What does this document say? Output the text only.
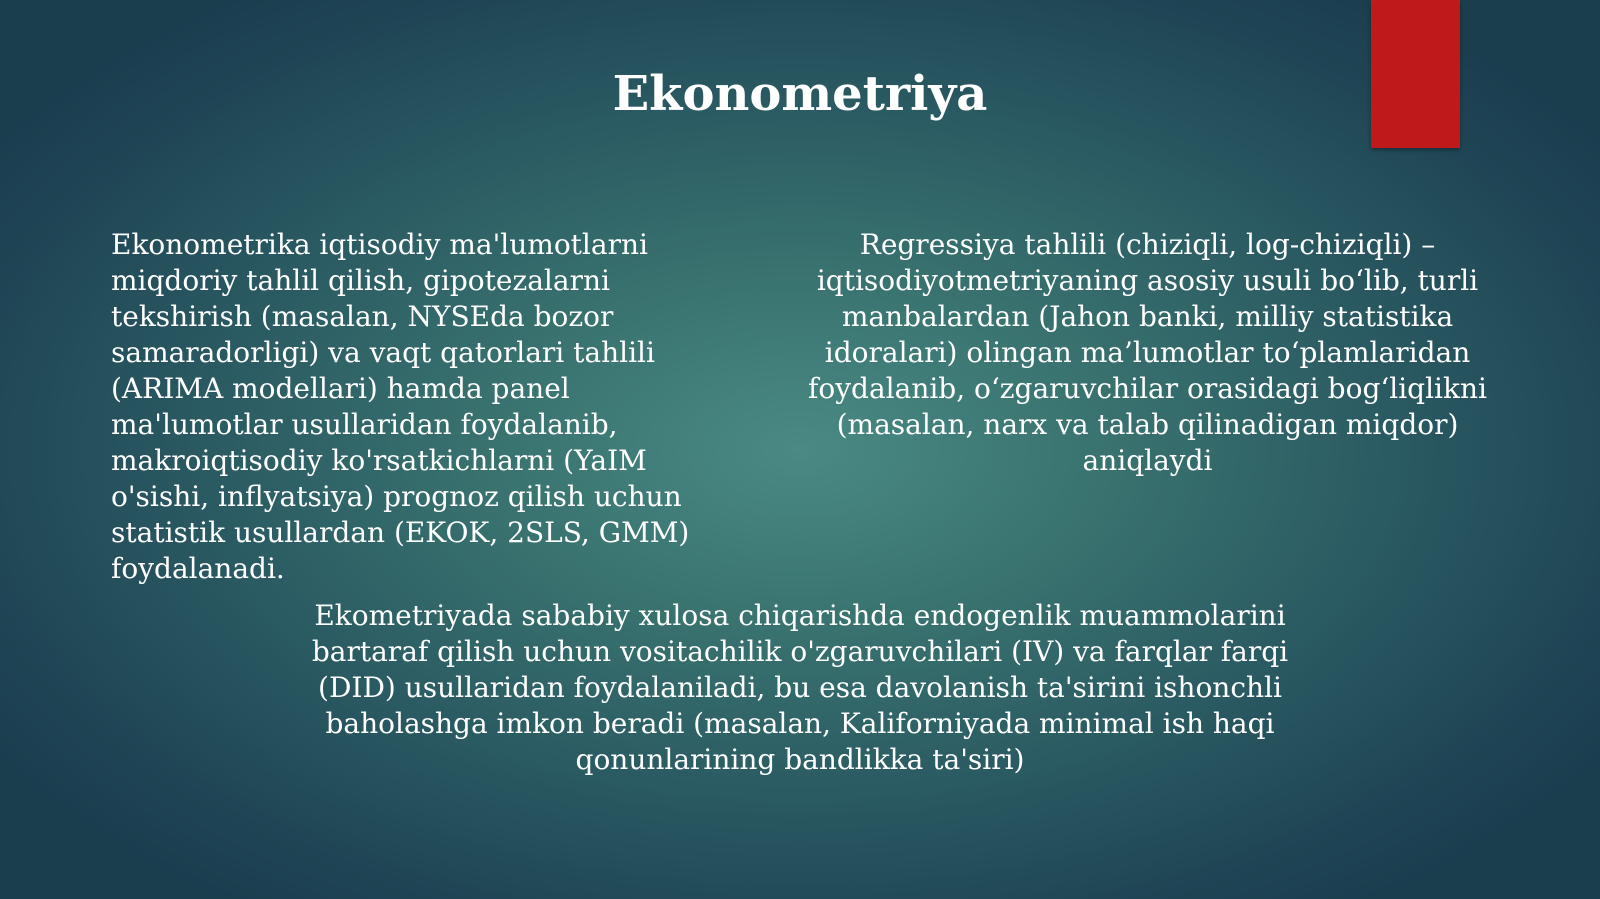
Ekonometriya

Ekonometrika iqtisodiy ma'lumotlarni
miqdoriy tahlil qilish, gipotezalarni
tekshirish (masalan, NYSEda bozor
samaradorligi) va vaqt qatorlari tahlili
(ARIMA modellari) hamda panel
ma'lumotlar usullaridan foydalanib,
makroiqtisodiy ko'rsatkichlarni (YaIM
o'sishi, inflyatsiya) prognoz qilish uchun
statistik usullardan (EKOK, 2SLS, GMM)
foydalanadi.

Regressiya tahlili (chiziqli, log-chiziqli) –
iqtisodiyotmetriyaning asosiy usuli bo‘lib, turli
manbalardan (Jahon banki, milliy statistika
idoralari) olingan ma’lumotlar to‘plamlaridan
foydalanib, o‘zgaruvchilar orasidagi bog‘liqlikni
(masalan, narx va talab qilinadigan miqdor)
aniqlaydi

Ekometriyada sababiy xulosa chiqarishda endogenlik muammolarini
bartaraf qilish uchun vositachilik o'zgaruvchilari (IV) va farqlar farqi
(DID) usullaridan foydalaniladi, bu esa davolanish ta'sirini ishonchli
baholashga imkon beradi (masalan, Kaliforniyada minimal ish haqi
qonunlarining bandlikka ta'siri)
